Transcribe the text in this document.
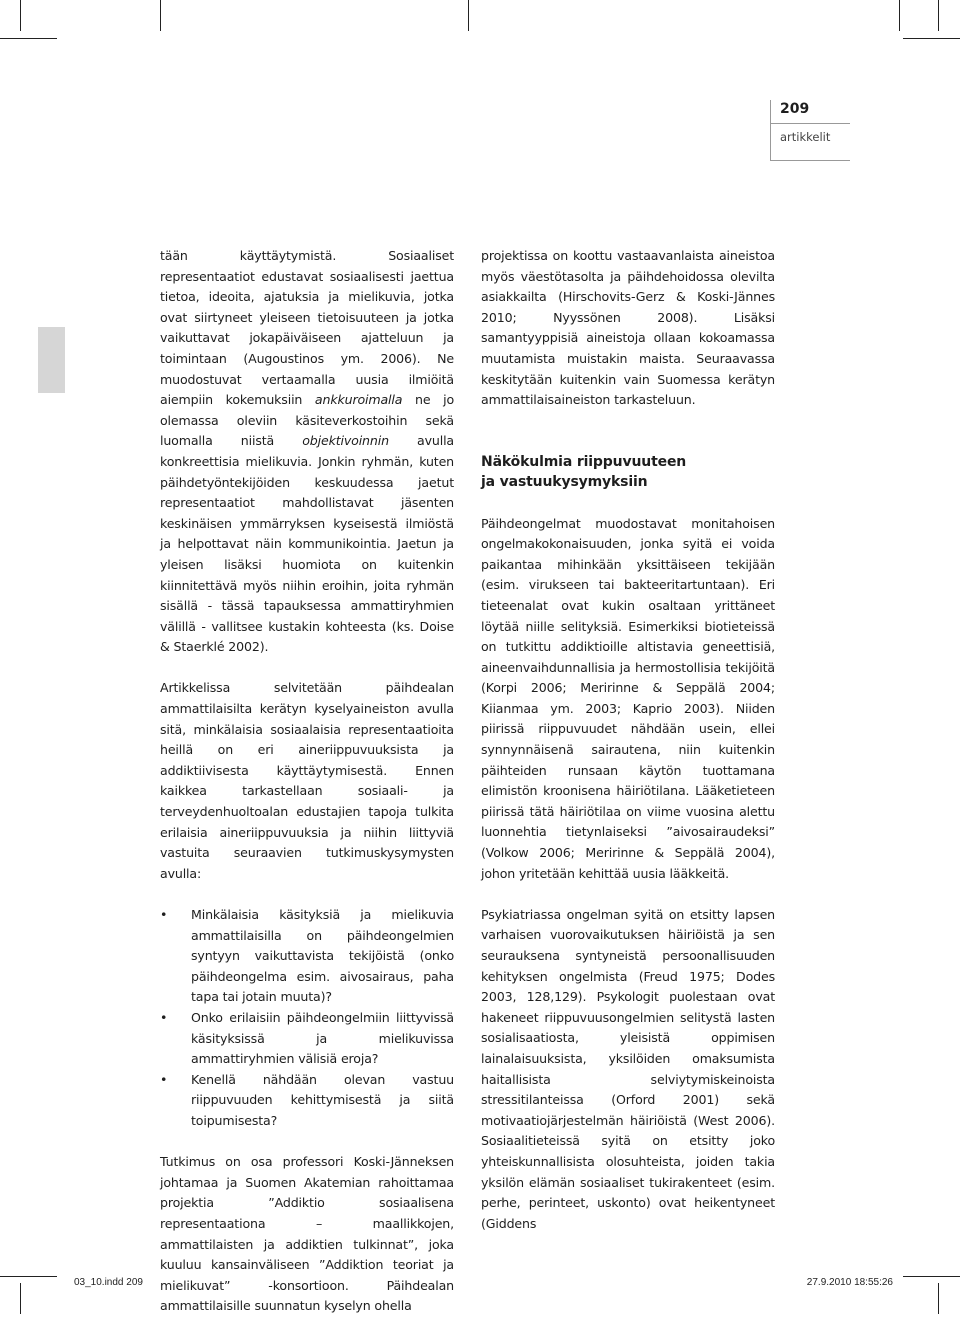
209
artikkelit

tään käyttäytymistä. Sosiaaliset representaatiot edustavat sosiaalisesti jaettua tietoa, ideoita, ajatuksia ja mielikuvia, jotka ovat siirtyneet yleiseen tietoisuuteen ja jotka vaikuttavat jokapäiväiseen ajatteluun ja toimintaan (Augoustinos ym. 2006). Ne muodostuvat vertaamalla uusia ilmiöitä aiempiin kokemuksiin ankkuroimalla ne jo olemassa oleviin käsiteverkostoihin sekä luomalla niistä objektivoinnin avulla konkreettisia mielikuvia. Jonkin ryhmän, kuten päihdetyöntekijöiden keskuudessa jaetut representaatiot mahdollistavat jäsenten keskinäisen ymmärryksen kyseisestä ilmiöstä ja helpottavat näin kommunikointia. Jaetun ja yleisen lisäksi huomiota on kuitenkin kiinnitettävä myös niihin eroihin, joita ryhmän sisällä - tässä tapauksessa ammattiryhmien välillä - vallitsee kustakin kohteesta (ks. Doise & Staerklé 2002).

Artikkelissa selvitetään päihdealan ammattilaisilta kerätyn kyselyaineiston avulla sitä, minkälaisia sosiaalaisia representaatioita heillä on eri aineriippuvuuksista ja addiktiivisesta käyttäytymisestä. Ennen kaikkea tarkastellaan sosiaali- ja terveydenhuoltoalan edustajien tapoja tulkita erilaisia aineriippuvuuksia ja niihin liittyviä vastuita seuraavien tutkimuskysymysten avulla:

• Minkälaisia käsityksiä ja mielikuvia ammattilaisilla on päihdeongelmien syntyyn vaikuttavista tekijöistä (onko päihdeongelma esim. aivosairaus, paha tapa tai jotain muuta)?
• Onko erilaisiin päihdeongelmiin liittyvissä käsityksissä ja mielikuvissa ammattiryhmien välisiä eroja?
• Kenellä nähdään olevan vastuu riippuvuuden kehittymisestä ja siitä toipumisesta?

Tutkimus on osa professori Koski-Jänneksen johtamaa ja Suomen Akatemian rahoittamaa projektia ”Addiktio sosiaalisena representaationa – maallikkojen, ammattilaisten ja addiktien tulkinnat”, joka kuuluu kansainväliseen ”Addiktion teoriat ja mielikuvat” -konsortioon. Päihdealan ammattilaisille suunnatun kyselyn ohella

projektissa on koottu vastaavanlaista aineistoa myös väestötasolta ja päihdehoidossa olevilta asiakkailta (Hirschovits-Gerz & Koski-Jännes 2010; Nyyssönen 2008). Lisäksi samantyyppisiä aineistoja ollaan kokoamassa muutamista muistakin maista. Seuraavassa keskitytään kuitenkin vain Suomessa kerätyn ammattilaisaineiston tarkasteluun.

Näkökulmia riippuvuuteen
ja vastuukysymyksiin

Päihdeongelmat muodostavat monitahoisen ongelmakokonaisuuden, jonka syitä ei voida paikantaa mihinkään yksittäiseen tekijään (esim. virukseen tai bakteeritartuntaan). Eri tieteenalat ovat kukin osaltaan yrittäneet löytää niille selityksiä. Esimerkiksi biotieteissä on tutkittu addiktioille altistavia geneettisiä, aineenvaihdunnallisia ja hermostollisia tekijöitä (Korpi 2006; Meririnne & Seppälä 2004; Kiianmaa ym. 2003; Kaprio 2003). Niiden piirissä riippuvuudet nähdään usein, ellei synnynnäisenä sairautena, niin kuitenkin päihteiden runsaan käytön tuottamana elimistön kroonisena häiriötilana. Lääketieteen piirissä tätä häiriötilaa on viime vuosina alettu luonnehtia tietynlaiseksi ”aivosairaudeksi” (Volkow 2006; Meririnne & Seppälä 2004), johon yritetään kehittää uusia lääkkeitä.

Psykiatriassa ongelman syitä on etsitty lapsen varhaisen vuorovaikutuksen häiriöistä ja sen seurauksena syntyneistä persoonallisuuden kehityksen ongelmista (Freud 1975; Dodes 2003, 128,129). Psykologit puolestaan ovat hakeneet riippuvuusongelmien selitystä lasten sosialisaatiosta, yleisistä oppimisen lainalaisuuksista, yksilöiden omaksumista haitallisista selviytymiskeinoista stressitilanteissa (Orford 2001) sekä motivaatiojärjestelmän häiriöistä (West 2006). Sosiaalitieteissä syitä on etsitty joko yhteiskunnallisista olosuhteista, joiden takia yksilön elämän sosiaaliset tukirakenteet (esim. perhe, perinteet, uskonto) ovat heikentyneet (Giddens

03_10.indd 209	27.9.2010 18:55:26
